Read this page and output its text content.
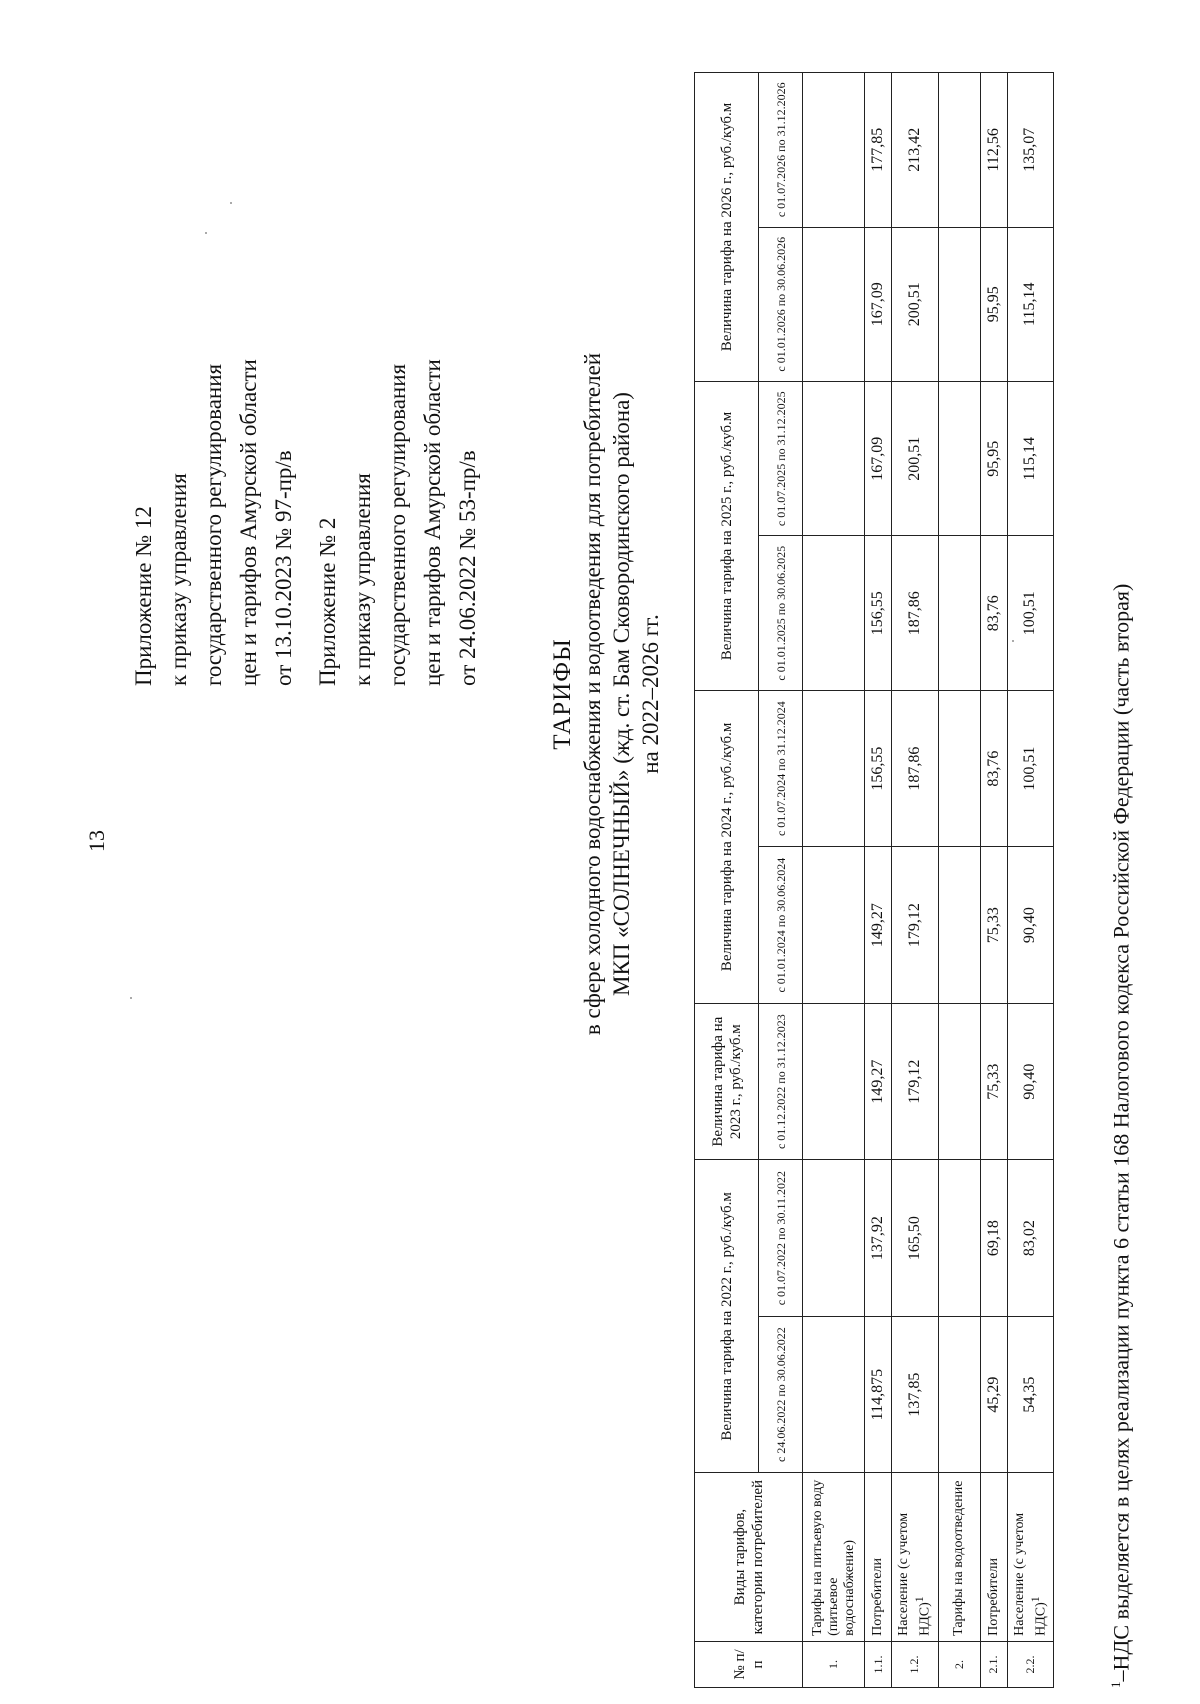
13
Приложение № 12 к приказу управления государственного регулирования цен и тарифов Амурской области от 13.10.2023 № 97-пр/в Приложение № 2 к приказу управления государственного регулирования цен и тарифов Амурской области от 24.06.2022 № 53-пр/в
ТАРИФЫ в сфере холодного водоснабжения и водоотведения для потребителей МКП «СОЛНЕЧНЫЙ» (жд. ст. Бам Сковородинского района) на 2022–2026 гг.
№ п/п	Виды тарифов, категории потребителей	Величина тарифа на 2022 г., руб./куб.м		Величина тарифа на 2023 г., руб./куб.м	Величина тарифа на 2024 г., руб./куб.м		Величина тарифа на 2025 г., руб./куб.м		Величина тарифа на 2026 г., руб./куб.м	
		с 24.06.2022 по 30.06.2022	с 01.07.2022 по 30.11.2022	с 01.12.2022 по 31.12.2023	с 01.01.2024 по 30.06.2024	с 01.07.2024 по 31.12.2024	с 01.01.2025 по 30.06.2025	с 01.07.2025 по 31.12.2025	с 01.01.2026 по 30.06.2026	с 01.07.2026 по 31.12.2026
1.	Тарифы на питьевую воду (питьевое водоснабжение)									
1.1.	Потребители	114,875	137,92	149,27	149,27	156,55	156,55	167,09	167,09	177,85
1.2.	Население (с учетом НДС)$^1$	137,85	165,50	179,12	179,12	187,86	187,86	200,51	200,51	213,42
2.	Тарифы на водоотведение									
2.1.	Потребители	45,29	69,18	75,33	75,33	83,76	83,76	95,95	95,95	112,56
2.2.	Население (с учетом НДС)$^1$	54,35	83,02	90,40	90,40	100,51	100,51	115,14	115,14	135,07
$^1$–НДС выделяется в целях реализации пункта 6 статьи 168 Налогового кодекса Российской Федерации (часть вторая)
